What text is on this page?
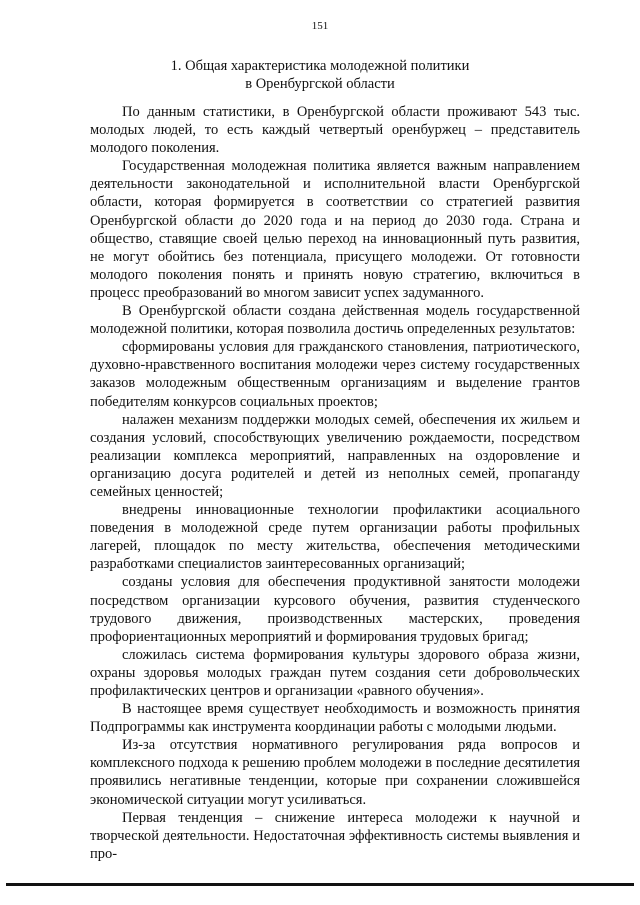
151
1. Общая характеристика молодежной политики
в Оренбургской области

По данным статистики, в Оренбургской области проживают 543 тыс. молодых людей, то есть каждый четвертый оренбуржец – представитель молодого поколения.

Государственная молодежная политика является важным направлением деятельности законодательной и исполнительной власти Оренбургской области, которая формируется в соответствии со стратегией развития Оренбургской области до 2020 года и на период до 2030 года. Страна и общество, ставящие своей целью переход на инновационный путь развития, не могут обойтись без потенциала, присущего молодежи. От готовности молодого поколения понять и принять новую стратегию, включиться в процесс преобразований во многом зависит успех задуманного.

В Оренбургской области создана действенная модель государственной молодежной политики, которая позволила достичь определенных результатов:

сформированы условия для гражданского становления, патриотического, духовно-нравственного воспитания молодежи через систему государственных заказов молодежным общественным организациям и выделение грантов победителям конкурсов социальных проектов;

налажен механизм поддержки молодых семей, обеспечения их жильем и создания условий, способствующих увеличению рождаемости, посредством реализации комплекса мероприятий, направленных на оздоровление и организацию досуга родителей и детей из неполных семей, пропаганду семейных ценностей;

внедрены инновационные технологии профилактики асоциального поведения в молодежной среде путем организации работы профильных лагерей, площадок по месту жительства, обеспечения методическими разработками специалистов заинтересованных организаций;

созданы условия для обеспечения продуктивной занятости молодежи посредством организации курсового обучения, развития студенческого трудового движения, производственных мастерских, проведения профориентационных мероприятий и формирования трудовых бригад;

сложилась система формирования культуры здорового образа жизни, охраны здоровья молодых граждан путем создания сети добровольческих профилактических центров и организации «равного обучения».

В настоящее время существует необходимость и возможность принятия Подпрограммы как инструмента координации работы с молодыми людьми.

Из-за отсутствия нормативного регулирования ряда вопросов и комплексного подхода к решению проблем молодежи в последние десятилетия проявились негативные тенденции, которые при сохранении сложившейся экономической ситуации могут усиливаться.

Первая тенденция – снижение интереса молодежи к научной и творческой деятельности. Недостаточная эффективность системы выявления и про-
